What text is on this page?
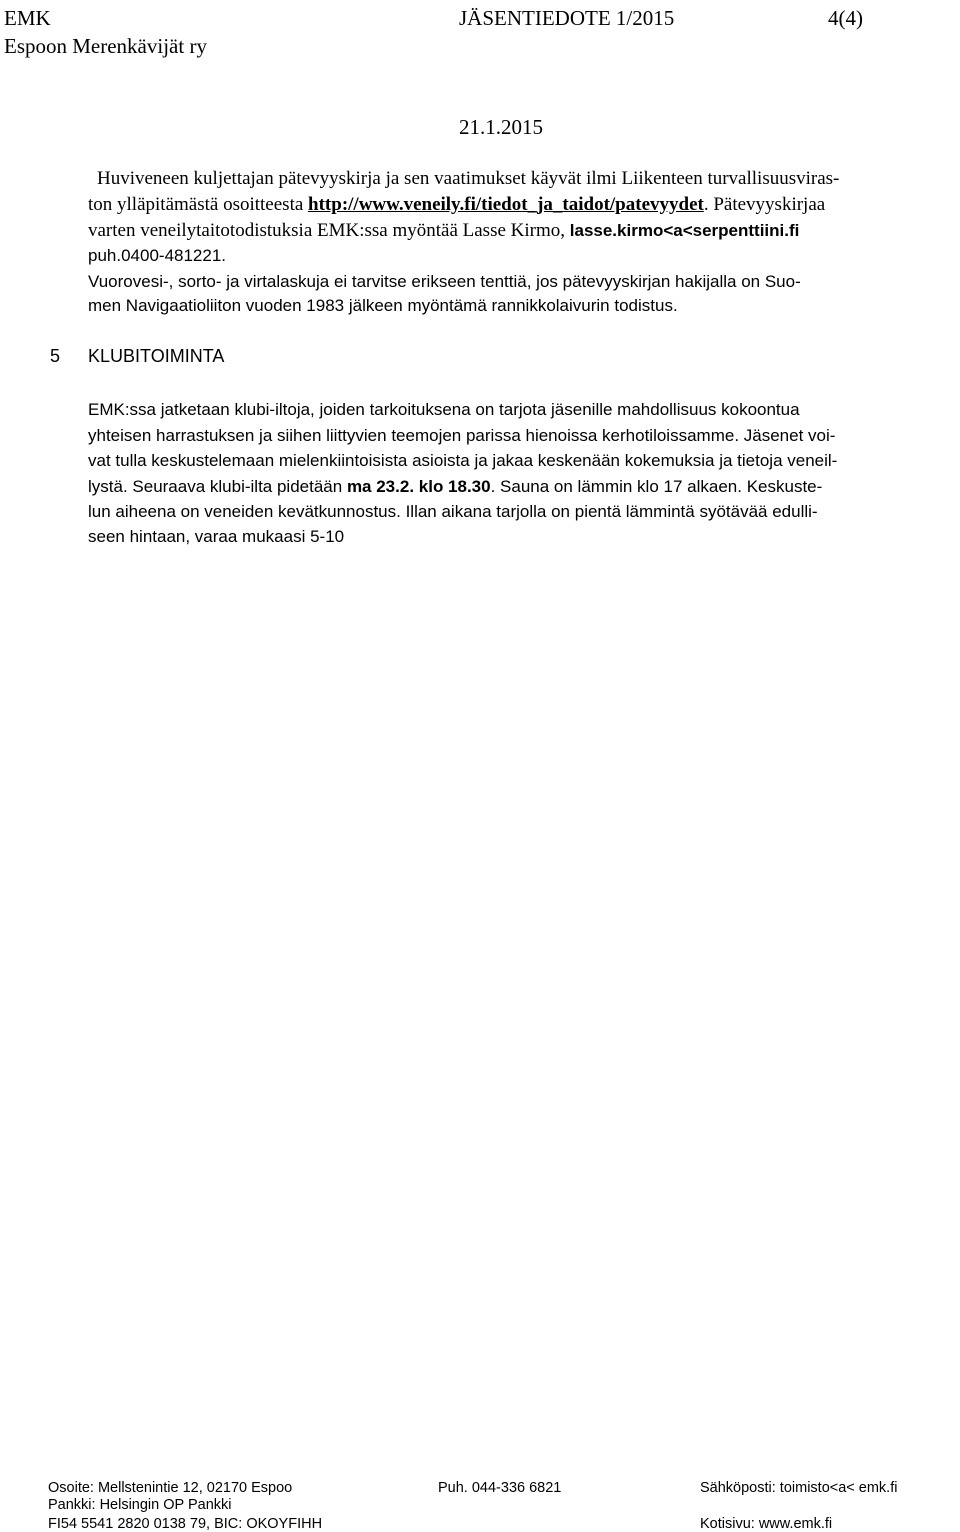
EMK	JÄSENTIEDOTE 1/2015	4(4)
Espoon Merenkävijät ry
21.1.2015
Huviveneen kuljettajan pätevyyskirja ja sen vaatimukset käyvät ilmi Liikenteen turvallisuusviras-
ton ylläpitämästä osoitteesta http://www.veneily.fi/tiedot_ja_taidot/patevyydet. Pätevyyskirjaa
varten veneilytaitotodistuksia EMK:ssa myöntää Lasse Kirmo, lasse.kirmo<a<serpenttiini.fi
puh.0400-481221.
Vuorovesi-, sorto- ja virtalaskuja ei tarvitse erikseen tenttiä, jos pätevyyskirjan hakijalla on Suo-
men Navigaatioliiton vuoden 1983 jälkeen myöntämä rannikkolaivurin todistus.
5 KLUBITOIMINTA
EMK:ssa jatketaan klubi-iltoja, joiden tarkoituksena on tarjota jäsenille mahdollisuus kokoontua
yhteisen harrastuksen ja siihen liittyvien teemojen parissa hienoissa kerhotiloissamme. Jäsenet voi-
vat tulla keskustelemaan mielenkiintoisista asioista ja jakaa keskenään kokemuksia ja tietoja veneil-
lystä. Seuraava klubi-ilta pidetään ma 23.2. klo 18.30. Sauna on lämmin klo 17 alkaen. Keskuste-
lun aiheena on veneiden kevätkunnostus. Illan aikana tarjolla on pientä lämmintä syötävää edulli-
seen hintaan, varaa mukaasi 5-10
Osoite: Mellstenintie 12, 02170 Espoo	Puh. 044-336 6821	Sähköposti: toimisto<a< emk.fi
Pankki: Helsingin OP Pankki
FI54 5541 2820 0138 79, BIC: OKOYFIHH	Kotisivu: www.emk.fi
